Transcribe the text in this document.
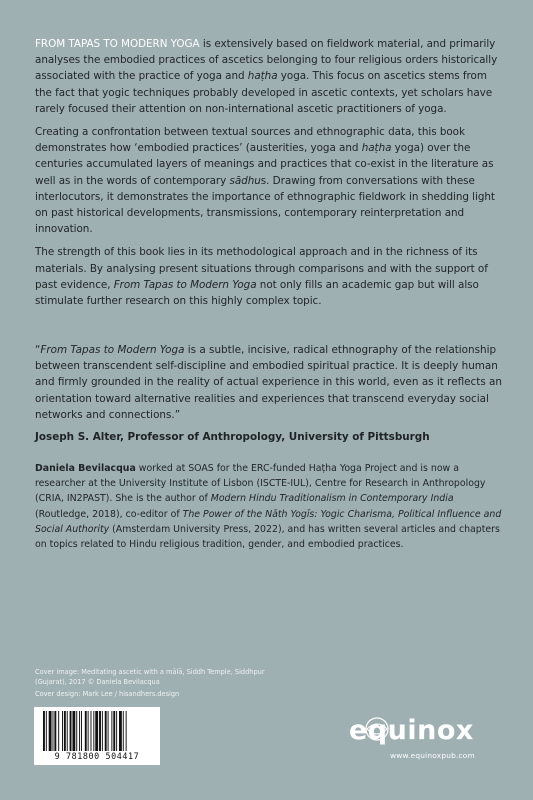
FROM TAPAS TO MODERN YOGA is extensively based on fieldwork material, and primarily analyses the embodied practices of ascetics belonging to four religious orders historically associated with the practice of yoga and haṭha yoga. This focus on ascetics stems from the fact that yogic techniques probably developed in ascetic contexts, yet scholars have rarely focused their attention on non-international ascetic practitioners of yoga.

Creating a confrontation between textual sources and ethnographic data, this book demonstrates how ‘embodied practices’ (austerities, yoga and haṭha yoga) over the centuries accumulated layers of meanings and practices that co-exist in the literature as well as in the words of contemporary sādhus. Drawing from conversations with these interlocutors, it demonstrates the importance of ethnographic fieldwork in shedding light on past historical developments, transmissions, contemporary reinterpretation and innovation.

The strength of this book lies in its methodological approach and in the richness of its materials. By analysing present situations through comparisons and with the support of past evidence, From Tapas to Modern Yoga not only fills an academic gap but will also stimulate further research on this highly complex topic.

“From Tapas to Modern Yoga is a subtle, incisive, radical ethnography of the relationship between transcendent self-discipline and embodied spiritual practice. It is deeply human and firmly grounded in the reality of actual experience in this world, even as it reflects an orientation toward alternative realities and experiences that transcend everyday social networks and connections.”

Joseph S. Alter, Professor of Anthropology, University of Pittsburgh

Daniela Bevilacqua worked at SOAS for the ERC-funded Haṭha Yoga Project and is now a researcher at the University Institute of Lisbon (ISCTE-IUL), Centre for Research in Anthropology (CRIA, IN2PAST). She is the author of Modern Hindu Traditionalism in Contemporary India (Routledge, 2018), co-editor of The Power of the Nāth Yogīs: Yogic Charisma, Political Influence and Social Authority (Amsterdam University Press, 2022), and has written several articles and chapters on topics related to Hindu religious tradition, gender, and embodied practices.

Cover image: Meditating ascetic with a mālā, Siddh Temple, Siddhpur (Gujarat), 2017 © Daniela Bevilacqua

Cover design: Mark Lee / hisandhers.design

9 781800 504417
equinox
www.equinoxpub.com
